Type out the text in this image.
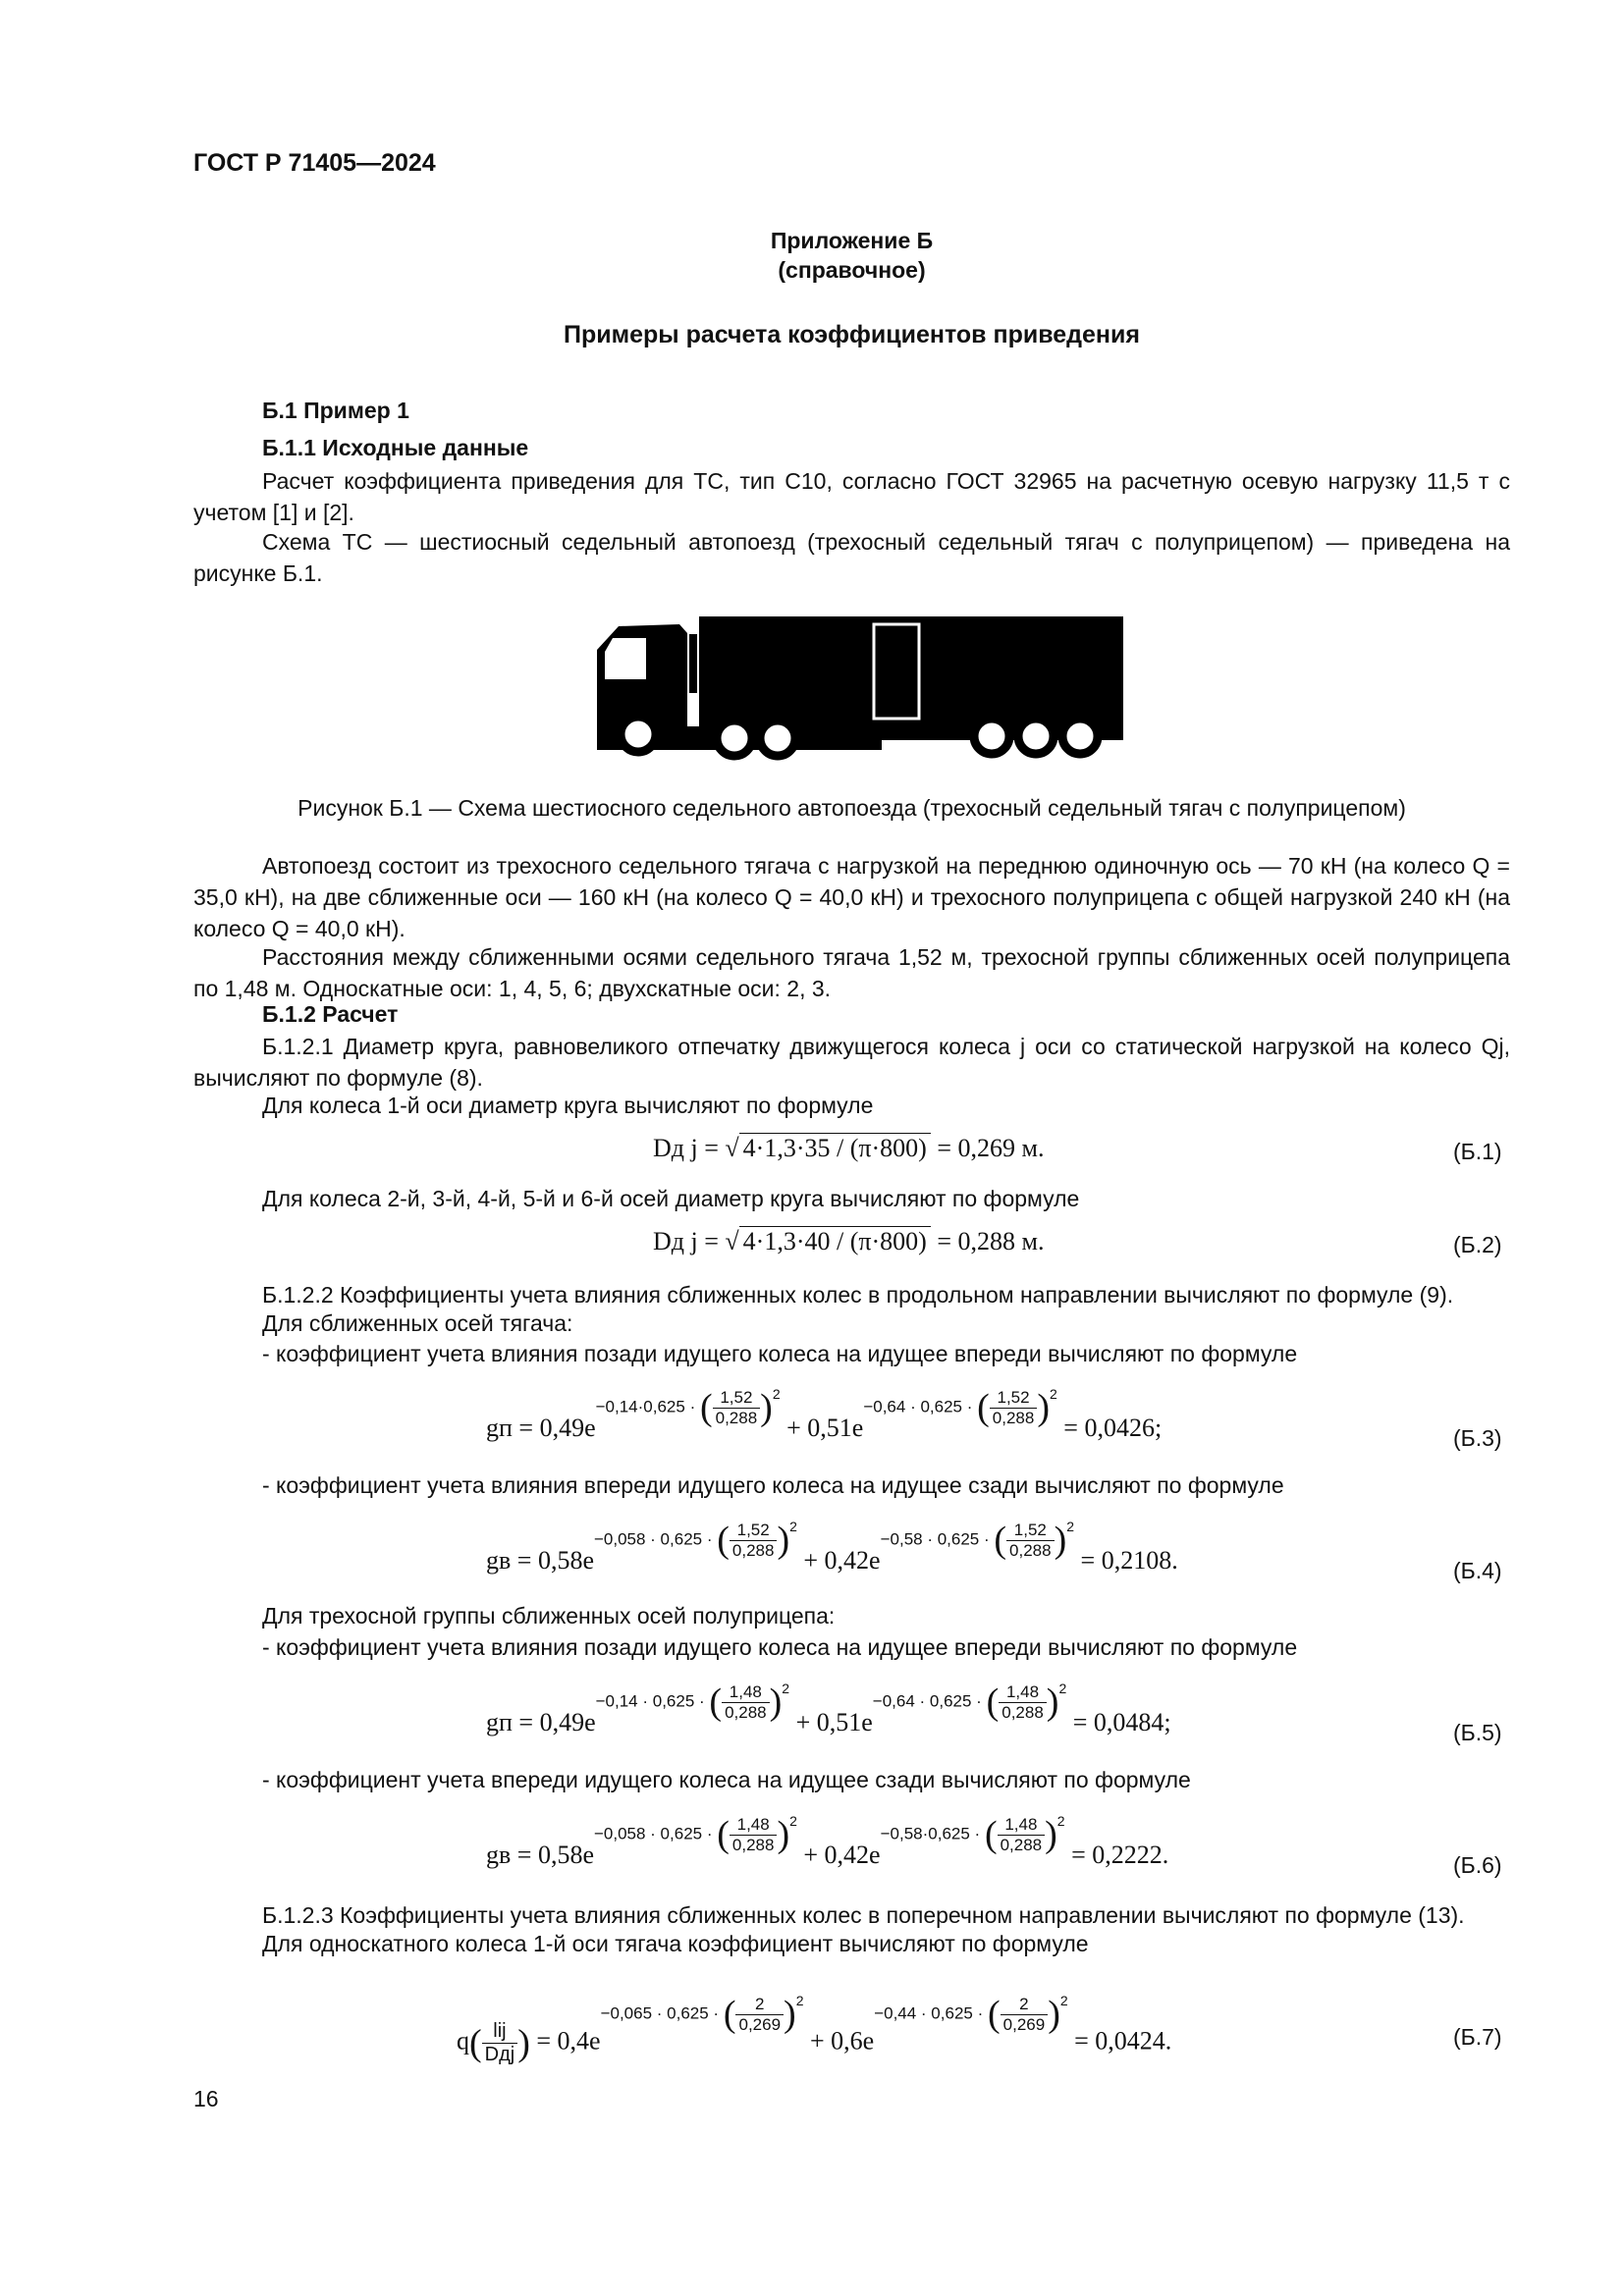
ГОСТ Р 71405—2024
Приложение Б
(справочное)
Примеры расчета коэффициентов приведения
Б.1 Пример 1
Б.1.1 Исходные данные
Расчет коэффициента приведения для ТС, тип С10, согласно ГОСТ 32965 на расчетную осевую нагрузку 11,5 т с учетом [1] и [2].
Схема ТС — шестиосный седельный автопоезд (трехосный седельный тягач с полуприцепом) — приведена на рисунке Б.1.
Рисунок Б.1 — Схема шестиосного седельного автопоезда (трехосный седельный тягач с полуприцепом)
Автопоезд состоит из трехосного седельного тягача с нагрузкой на переднюю одиночную ось — 70 кН (на колесо Q = 35,0 кН), на две сближенные оси — 160 кН (на колесо Q = 40,0 кН) и трехосного полуприцепа с общей нагрузкой 240 кН (на колесо Q = 40,0 кН).
Расстояния между сближенными осями седельного тягача 1,52 м, трехосной группы сближенных осей полуприцепа по 1,48 м. Односкатные оси: 1, 4, 5, 6; двухскатные оси: 2, 3.
Б.1.2 Расчет
Б.1.2.1 Диаметр круга, равновеликого отпечатку движущегося колеса j оси со статической нагрузкой на колесо Qj, вычисляют по формуле (8).
Для колеса 1-й оси диаметр круга вычисляют по формуле
Dд j = √ 4·1,3·35 / (π·800) = 0,269 м.	(Б.1)
Для колеса 2-й, 3-й, 4-й, 5-й и 6-й осей диаметр круга вычисляют по формуле
Dд j = √ 4·1,3·40 / (π·800) = 0,288 м.	(Б.2)
Б.1.2.2 Коэффициенты учета влияния сближенных колес в продольном направлении вычисляют по формуле (9).
Для сближенных осей тягача:
- коэффициент учета влияния позади идущего колеса на идущее впереди вычисляют по формуле
gп = 0,49e−0,14·0,625 · ( $\frac{1,52}{0,288} )^2 + 0,51e-0,64 \cdot 0,625$ · ( $\frac{1,52}{0,288} )^2 = 0,0426$;	(Б.3)
- коэффициент учета влияния впереди идущего колеса на идущее сзади вычисляют по формуле
gв = 0,58e−0,058 · 0,625 · ( $\frac{1,52}{0,288} )^2 + 0,42e-0,58 \cdot 0,625$ · ( $\frac{1,52}{0,288} )^2 = 0,2108$.	(Б.4)
Для трехосной группы сближенных осей полуприцепа:
- коэффициент учета влияния позади идущего колеса на идущее впереди вычисляют по формуле
gп = 0,49e−0,14 · 0,625 · ( $\frac{1,48}{0,288} )^2 + 0,51e-0,64 \cdot 0,625$ · ( $\frac{1,48}{0,288} )^2 = 0,0484$;	(Б.5)
- коэффициент учета впереди идущего колеса на идущее сзади вычисляют по формуле
gв = 0,58e−0,058 · 0,625 · ( $\frac{1,48}{0,288} )^2 + 0,42e-0,58\cdot 0,625$ · ( $\frac{1,48}{0,288} )^2 = 0,2222$.	(Б.6)
Б.1.2.3 Коэффициенты учета влияния сближенных колес в поперечном направлении вычисляют по формуле (13).
Для односкатного колеса 1-й оси тягача коэффициент вычисляют по формуле
$q( \frac{\text{lij}}{\text{Dдj}}$ ) = 0,4e−0,065 · 0,625 · ( $\frac{2}{0,269} )^2 + 0,6e-0,44 \cdot 0,625$ · ( $\frac{2}{0,269} )^2 = 0,0424$.	(Б.7)
16
